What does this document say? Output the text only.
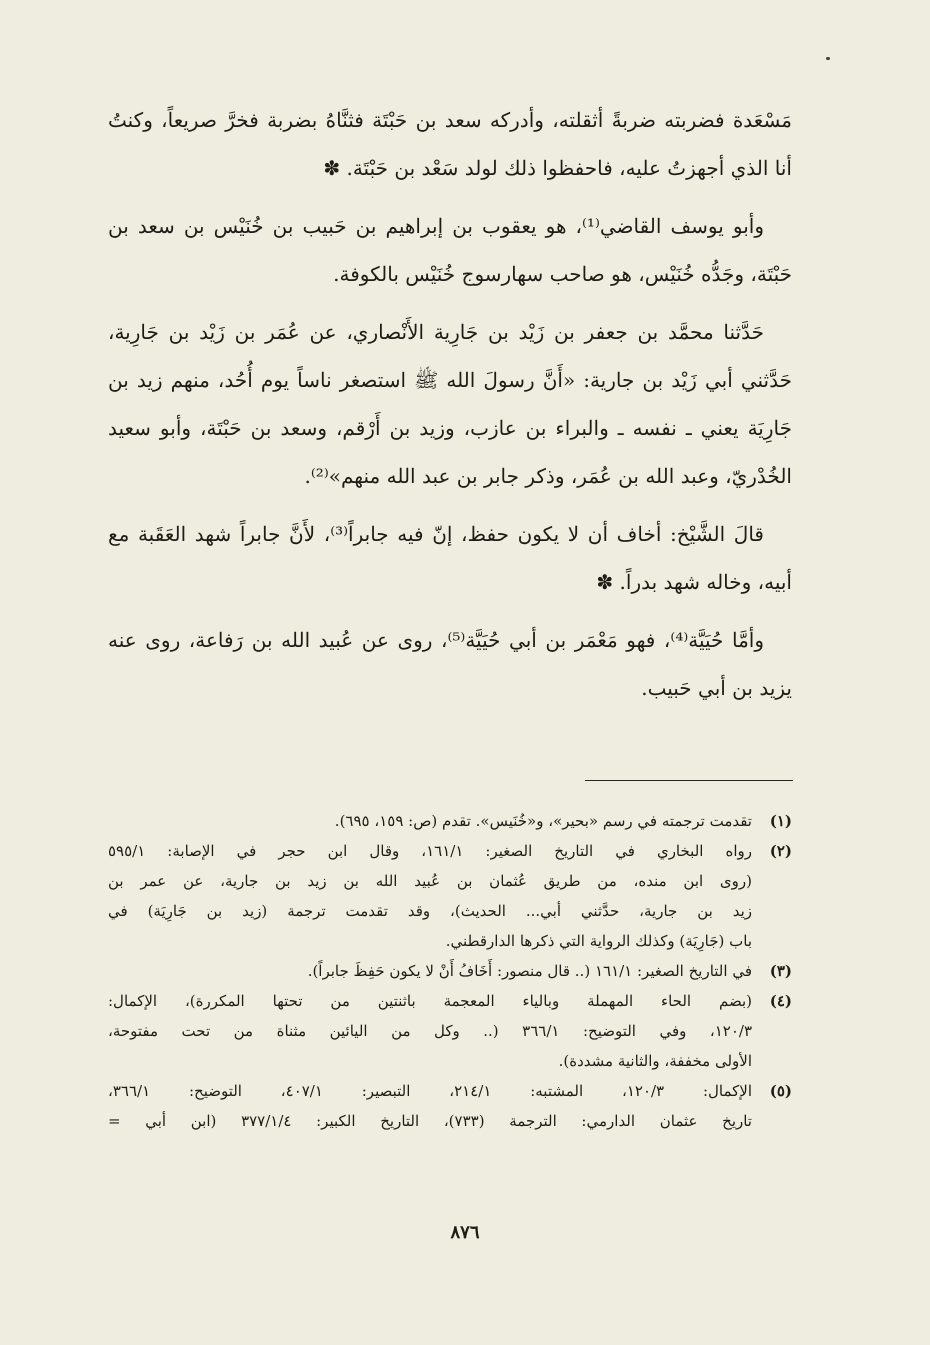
مَسْعَدة فضربته ضربةً أثقلته، وأدركه سعد بن حَبْتَة فثنَّاهُ بضربة فخرَّ صريعاً، وكنتُ أنا الذي أجهزتُ عليه، فاحفظوا ذلك لولد سَعْد بن حَبْتَة. ✽

وأبو يوسف القاضي⁽¹⁾، هو يعقوب بن إبراهيم بن حَبيب بن خُنَيْس بن سعد بن حَبْتَة، وجَدُّه خُنَيْس، هو صاحب سهارسوج خُنَيْس بالكوفة.

حَدَّثنا محمَّد بن جعفر بن زَيْد بن جَارِية الأَنْصاري، عن عُمَر بن زَيْد بن جَارِية، حَدَّثني أبي زَيْد بن جارية: «أَنَّ رسولَ الله ﷺ استصغر ناساً يوم أُحُد، منهم زيد بن جَارِيَة يعني ـ نفسه ـ والبراء بن عازب، وزيد بن أَرْقم، وسعد بن حَبْتَة، وأبو سعيد الخُدْريّ، وعبد الله بن عُمَر، وذكر جابر بن عبد الله منهم»⁽²⁾.

قالَ الشَّيْخ: أخاف أن لا يكون حفظ، إنّ فيه جابراً⁽³⁾، لأَنَّ جابراً شهد العَقَبة مع أبيه، وخاله شهد بدراً. ✽

وأمَّا حُيَيَّة⁽⁴⁾، فهو مَعْمَر بن أبي حُيَيَّة⁽⁵⁾، روى عن عُبيد الله بن رَفاعة، روى عنه يزيد بن أبي حَبيب.

(١)
تقدمت ترجمته في رسم «بحير»، و«خُنَيس». تقدم (ص: ١٥٩، ٦٩٥).
(٢)
رواه البخاري في التاريخ الصغير: ١٦١/١، وقال ابن حجر في الإصابة: ٥٩٥/١
(روى ابن منده، من طريق عُثمان بن عُبيد الله بن زيد بن جارية، عن عمر بن
زيد بن جارية، حدَّثني أبي... الحديث)، وقد تقدمت ترجمة (زيد بن جَارِيَة) في
باب (جَارِيَة) وكذلك الرواية التي ذكرها الدارقطني.
(٣)
في التاريخ الصغير: ١٦١/١ (.. قال منصور: أَخَافُ أَنْ لا يكون حَفِظَ جابراً).
(٤)
(بضم الحاء المهملة وبالياء المعجمة باثنتين من تحتها المكررة)، الإكمال:
١٢٠/٣، وفي التوضيح: ٣٦٦/١ (.. وكل من اليائين مثناة من تحت مفتوحة،
الأولى مخففة، والثانية مشددة).
(٥)
الإكمال: ١٢٠/٣، المشتبه: ٢١٤/١، التبصير: ٤٠٧/١، التوضيح: ٣٦٦/١،
تاريخ عثمان الدارمي: الترجمة (٧٣٣)، التاريخ الكبير: ٣٧٧/١/٤ (ابن أبي =
٨٧٦
